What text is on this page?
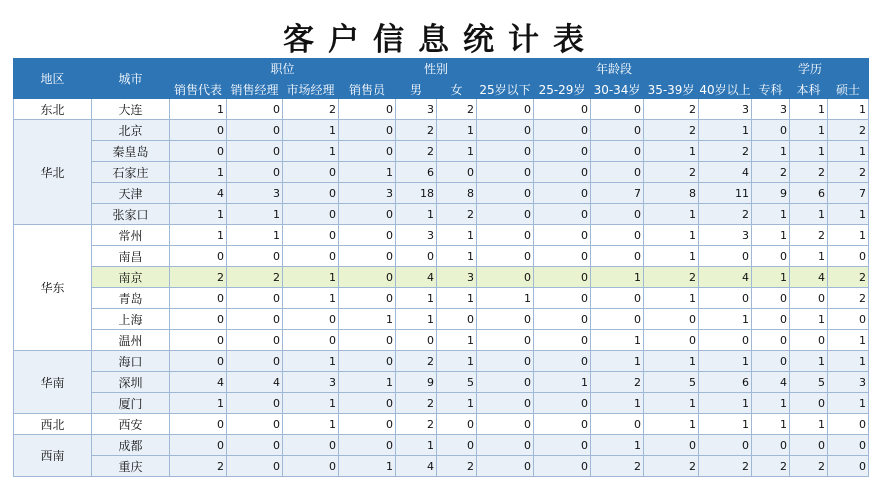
客户信息统计表
地区	城市	职位				性别		年龄段					学历		
		销售代表	销售经理	市场经理	销售员	男	女	25岁以下	25-29岁	30-34岁	35-39岁	40岁以上	专科	本科	硕士
东北	大连	1	0	2	0	3	2	0	0	0	2	3	3	1	1
华北	北京	0	0	1	0	2	1	0	0	0	2	1	0	1	2
	秦皇岛	0	0	1	0	2	1	0	0	0	1	2	1	1	1
	石家庄	1	0	0	1	6	0	0	0	0	2	4	2	2	2
	天津	4	3	0	3	18	8	0	0	7	8	11	9	6	7
	张家口	1	1	0	0	1	2	0	0	0	1	2	1	1	1
华东	常州	1	1	0	0	3	1	0	0	0	1	3	1	2	1
	南昌	0	0	0	0	0	1	0	0	0	1	0	0	1	0
	南京	2	2	1	0	4	3	0	0	1	2	4	1	4	2
	青岛	0	0	1	0	1	1	1	0	0	1	0	0	0	2
	上海	0	0	0	1	1	0	0	0	0	0	1	0	1	0
	温州	0	0	0	0	0	1	0	0	1	0	0	0	0	1
华南	海口	0	0	1	0	2	1	0	0	1	1	1	0	1	1
	深圳	4	4	3	1	9	5	0	1	2	5	6	4	5	3
	厦门	1	0	1	0	2	1	0	0	1	1	1	1	0	1
西北	西安	0	0	1	0	2	0	0	0	0	1	1	1	1	0
西南	成都	0	0	0	0	1	0	0	0	1	0	0	0	0	0
	重庆	2	0	0	1	4	2	0	0	2	2	2	2	2	0
